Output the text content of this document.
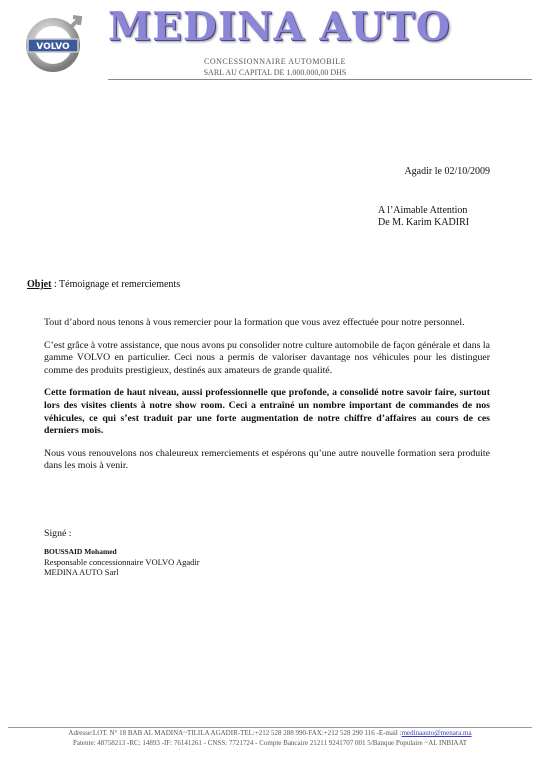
VOLVO MEDINA AUTO
CONCESSIONNAIRE AUTOMOBILE
SARL AU CAPITAL DE 1.000.000,00 DHS
Agadir le 02/10/2009
A l’Aimable Attention
De M. Karim KADIRI
Objet : Témoignage et remerciements

Tout d’abord nous tenons à vous remercier pour la formation que vous avez effectuée pour notre personnel.

C’est grâce à votre assistance, que nous avons pu consolider notre culture automobile de façon générale et dans la gamme VOLVO en particulier. Ceci nous a permis de valoriser davantage nos véhicules pour les distinguer comme des produits prestigieux, destinés aux amateurs de grande qualité.

Cette formation de haut niveau, aussi professionnelle que profonde, a consolidé notre savoir faire, surtout lors des visites clients à notre show room. Ceci a entraîné un nombre important de commandes de nos véhicules, ce qui s’est traduit par une forte augmentation de notre chiffre d’affaires au cours de ces derniers mois.

Nous vous renouvelons nos chaleureux remerciements et espérons qu’une autre nouvelle formation sera produite dans les mois à venir.

Signé :
BOUSSAID Mohamed
Responsable concessionnaire VOLVO Agadir
MEDINA AUTO Sarl
Adresse:LOT. N° 18 BAB AL MADINA~TILILA AGADIR-TEL:+212 528 288 990-FAX:+212 528 290 116 -E-mail :medinaauto@menara.ma
Patente: 48758213 -RC: 14893 -IF: 76141261 - CNSS: 7721724 - Compte Bancaire 21211 9241707 001 5/Banque Populaire ~AL INBIAAT
